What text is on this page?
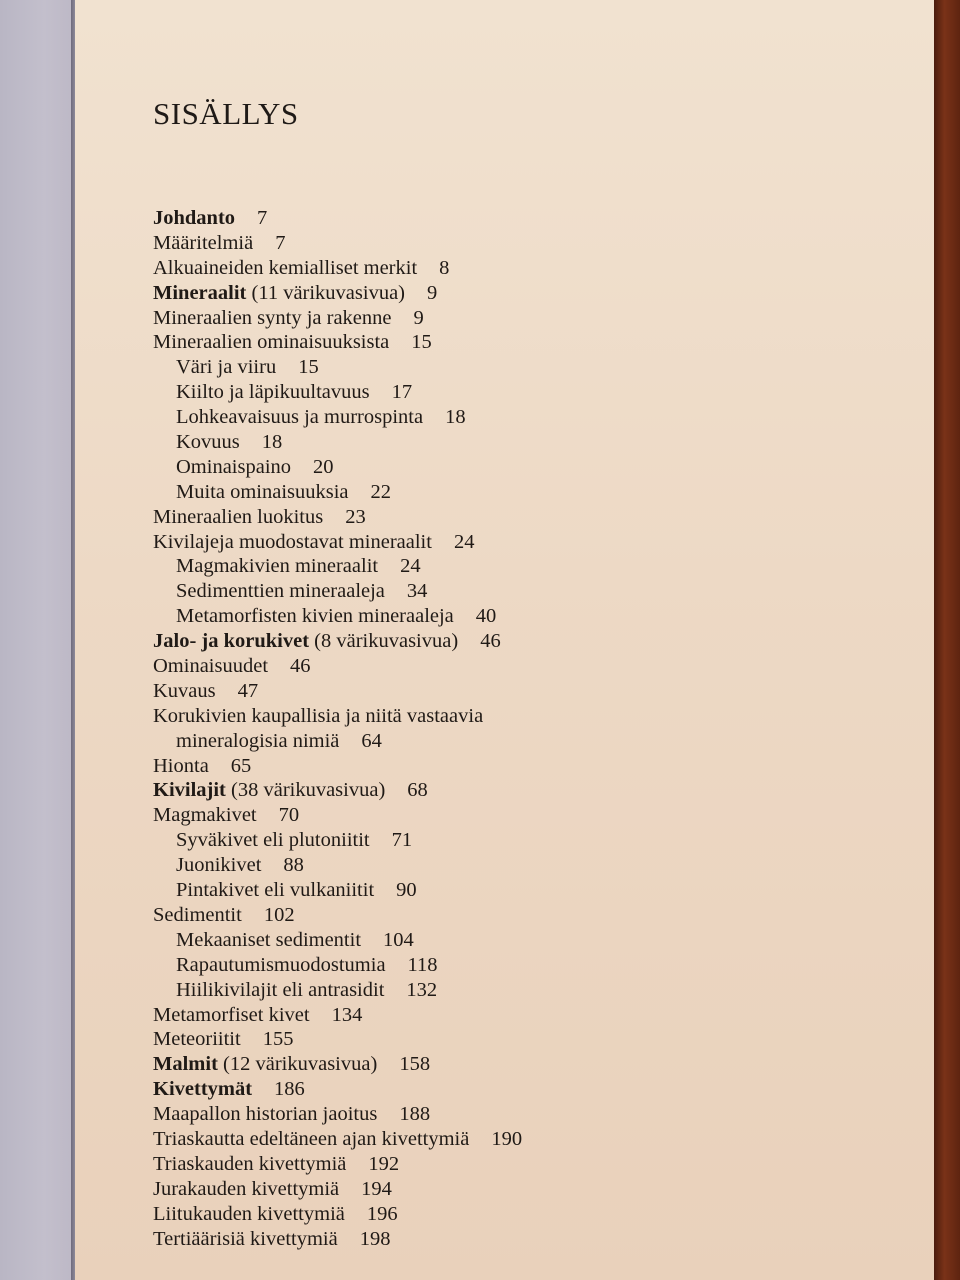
SISÄLLYS
Johdanto 7
Määritelmiä 7
Alkuaineiden kemialliset merkit 8
Mineraalit (11 värikuvasivua) 9
Mineraalien synty ja rakenne 9
Mineraalien ominaisuuksista 15
Väri ja viiru 15
Kiilto ja läpikuultavuus 17
Lohkeavaisuus ja murrospinta 18
Kovuus 18
Ominaispaino 20
Muita ominaisuuksia 22
Mineraalien luokitus 23
Kivilajeja muodostavat mineraalit 24
Magmakivien mineraalit 24
Sedimenttien mineraaleja 34
Metamorfisten kivien mineraaleja 40
Jalo- ja korukivet (8 värikuvasivua) 46
Ominaisuudet 46
Kuvaus 47
Korukivien kaupallisia ja niitä vastaavia
mineralogisia nimiä 64
Hionta 65
Kivilajit (38 värikuvasivua) 68
Magmakivet 70
Syväkivet eli plutoniitit 71
Juonikivet 88
Pintakivet eli vulkaniitit 90
Sedimentit 102
Mekaaniset sedimentit 104
Rapautumismuodostumia 118
Hiilikivilajit eli antrasidit 132
Metamorfiset kivet 134
Meteoriitit 155
Malmit (12 värikuvasivua) 158
Kivettymät 186
Maapallon historian jaoitus 188
Triaskautta edeltäneen ajan kivettymiä 190
Triaskauden kivettymiä 192
Jurakauden kivettymiä 194
Liitukauden kivettymiä 196
Tertiäärisiä kivettymiä 198
